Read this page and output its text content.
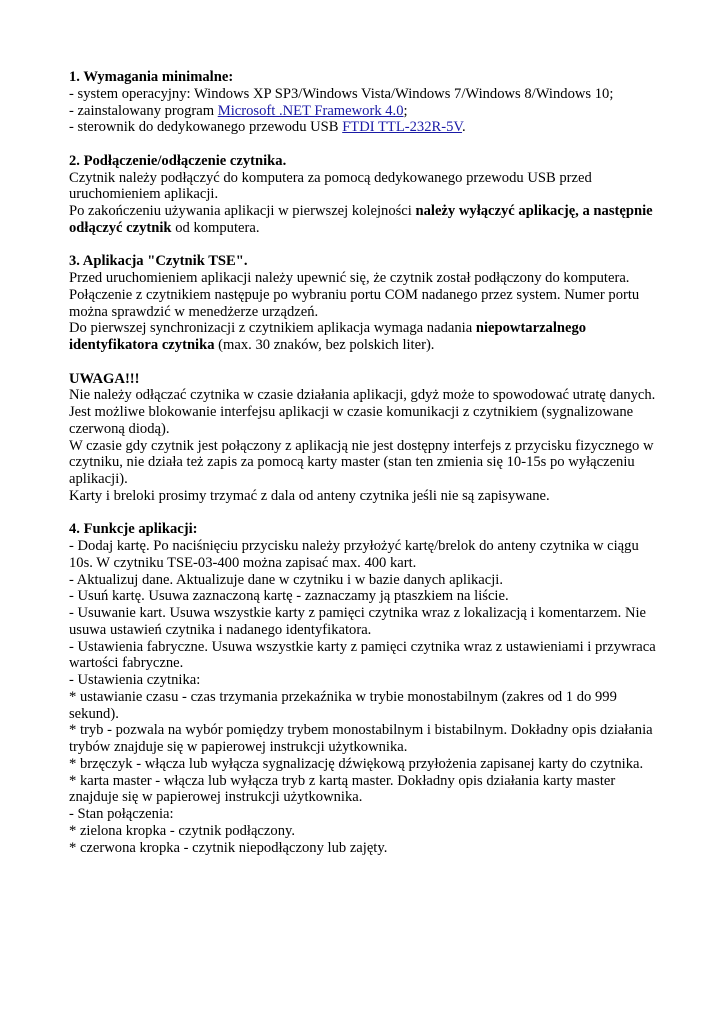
1. Wymagania minimalne:
- system operacyjny: Windows XP SP3/Windows Vista/Windows 7/Windows 8/Windows 10;
- zainstalowany program Microsoft .NET Framework 4.0;
- sterownik do dedykowanego przewodu USB FTDI TTL-232R-5V.
2. Podłączenie/odłączenie czytnika.
Czytnik należy podłączyć do komputera za pomocą dedykowanego przewodu USB przed uruchomieniem aplikacji.
Po zakończeniu używania aplikacji w pierwszej kolejności należy wyłączyć aplikację, a następnie odłączyć czytnik od komputera.
3. Aplikacja "Czytnik TSE".
Przed uruchomieniem aplikacji należy upewnić się, że czytnik został podłączony do komputera.
Połączenie z czytnikiem następuje po wybraniu portu COM nadanego przez system. Numer portu można sprawdzić w menedżerze urządzeń.
Do pierwszej synchronizacji z czytnikiem aplikacja wymaga nadania niepowtarzalnego identyfikatora czytnika (max. 30 znaków, bez polskich liter).
UWAGA!!!
Nie należy odłączać czytnika w czasie działania aplikacji, gdyż może to spowodować utratę danych.
Jest możliwe blokowanie interfejsu aplikacji w czasie komunikacji z czytnikiem (sygnalizowane czerwoną diodą).
W czasie gdy czytnik jest połączony z aplikacją nie jest dostępny interfejs z przycisku fizycznego w czytniku, nie działa też zapis za pomocą karty master (stan ten zmienia się 10-15s po wyłączeniu aplikacji).
Karty i breloki prosimy trzymać z dala od anteny czytnika jeśli nie są zapisywane.
4. Funkcje aplikacji:
- Dodaj kartę. Po naciśnięciu przycisku należy przyłożyć kartę/brelok do anteny czytnika w ciągu 10s. W czytniku TSE-03-400 można zapisać max. 400 kart.
- Aktualizuj dane. Aktualizuje dane w czytniku i w bazie danych aplikacji.
- Usuń kartę. Usuwa zaznaczoną kartę - zaznaczamy ją ptaszkiem na liście.
- Usuwanie kart. Usuwa wszystkie karty z pamięci czytnika wraz z lokalizacją i komentarzem. Nie usuwa ustawień czytnika i nadanego identyfikatora.
- Ustawienia fabryczne. Usuwa wszystkie karty z pamięci czytnika wraz z ustawieniami i przywraca wartości fabryczne.
- Ustawienia czytnika:
* ustawianie czasu - czas trzymania przekaźnika w trybie monostabilnym (zakres od 1 do 999 sekund).
* tryb - pozwala na wybór pomiędzy trybem monostabilnym i bistabilnym. Dokładny opis działania trybów znajduje się w papierowej instrukcji użytkownika.
* brzęczyk - włącza lub wyłącza sygnalizację dźwiękową przyłożenia zapisanej karty do czytnika.
* karta master - włącza lub wyłącza tryb z kartą master. Dokładny opis działania karty master znajduje się w papierowej instrukcji użytkownika.
- Stan połączenia:
* zielona kropka - czytnik podłączony.
* czerwona kropka - czytnik niepodłączony lub zajęty.
